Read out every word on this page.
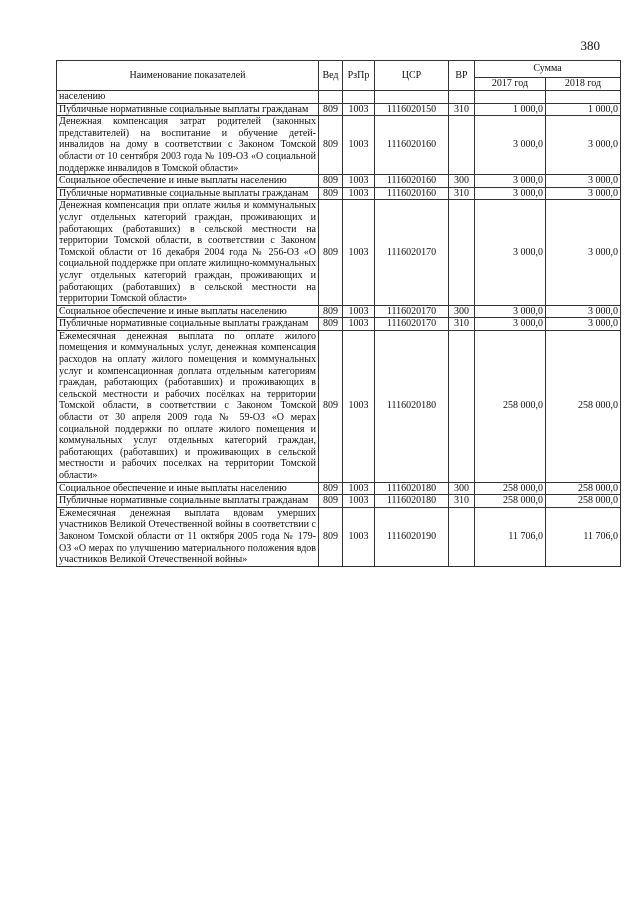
380
Наименование показателей	Вед	РзПр	ЦСР	ВР	Сумма	
					2017 год	2018 год
населению						
Публичные нормативные социальные выплаты гражданам	809	1003	1116020150	310	1 000,0	1 000,0
Денежная компенсация затрат родителей (законных представителей) на воспитание и обучение детей-инвалидов на дому в соответствии с Законом Томской области от 10 сентября 2003 года № 109-ОЗ «О социальной поддержке инвалидов в Томской области»	809	1003	1116020160		3 000,0	3 000,0
Социальное обеспечение и иные выплаты населению	809	1003	1116020160	300	3 000,0	3 000,0
Публичные нормативные социальные выплаты гражданам	809	1003	1116020160	310	3 000,0	3 000,0
Денежная компенсация при оплате жилья и коммунальных услуг отдельных категорий граждан, проживающих и работающих (работавших) в сельской местности на территории Томской области, в соответствии с Законом Томской области от 16 декабря 2004 года № 256-ОЗ «О социальной поддержке при оплате жилищно-коммунальных услуг отдельных категорий граждан, проживающих и работающих (работавших) в сельской местности на территории Томской области»	809	1003	1116020170		3 000,0	3 000,0
Социальное обеспечение и иные выплаты населению	809	1003	1116020170	300	3 000,0	3 000,0
Публичные нормативные социальные выплаты гражданам	809	1003	1116020170	310	3 000,0	3 000,0
Ежемесячная денежная выплата по оплате жилого помещения и коммунальных услуг, денежная компенсация расходов на оплату жилого помещения и коммунальных услуг и компенсационная доплата отдельным категориям граждан, работающих (работавших) и проживающих в сельской местности и рабочих посёлках на территории Томской области, в соответствии с Законом Томской области от 30 апреля 2009 года № 59-ОЗ «О мерах социальной поддержки по оплате жилого помещения и коммунальных услуг отдельных категорий граждан, работающих (работавших) и проживающих в сельской местности и рабочих поселках на территории Томской области»	809	1003	1116020180		258 000,0	258 000,0
Социальное обеспечение и иные выплаты населению	809	1003	1116020180	300	258 000,0	258 000,0
Публичные нормативные социальные выплаты гражданам	809	1003	1116020180	310	258 000,0	258 000,0
Ежемесячная денежная выплата вдовам умерших участников Великой Отечественной войны в соответствии с Законом Томской области от 11 октября 2005 года № 179-ОЗ «О мерах по улучшению материального положения вдов участников Великой Отечественной войны»	809	1003	1116020190		11 706,0	11 706,0
